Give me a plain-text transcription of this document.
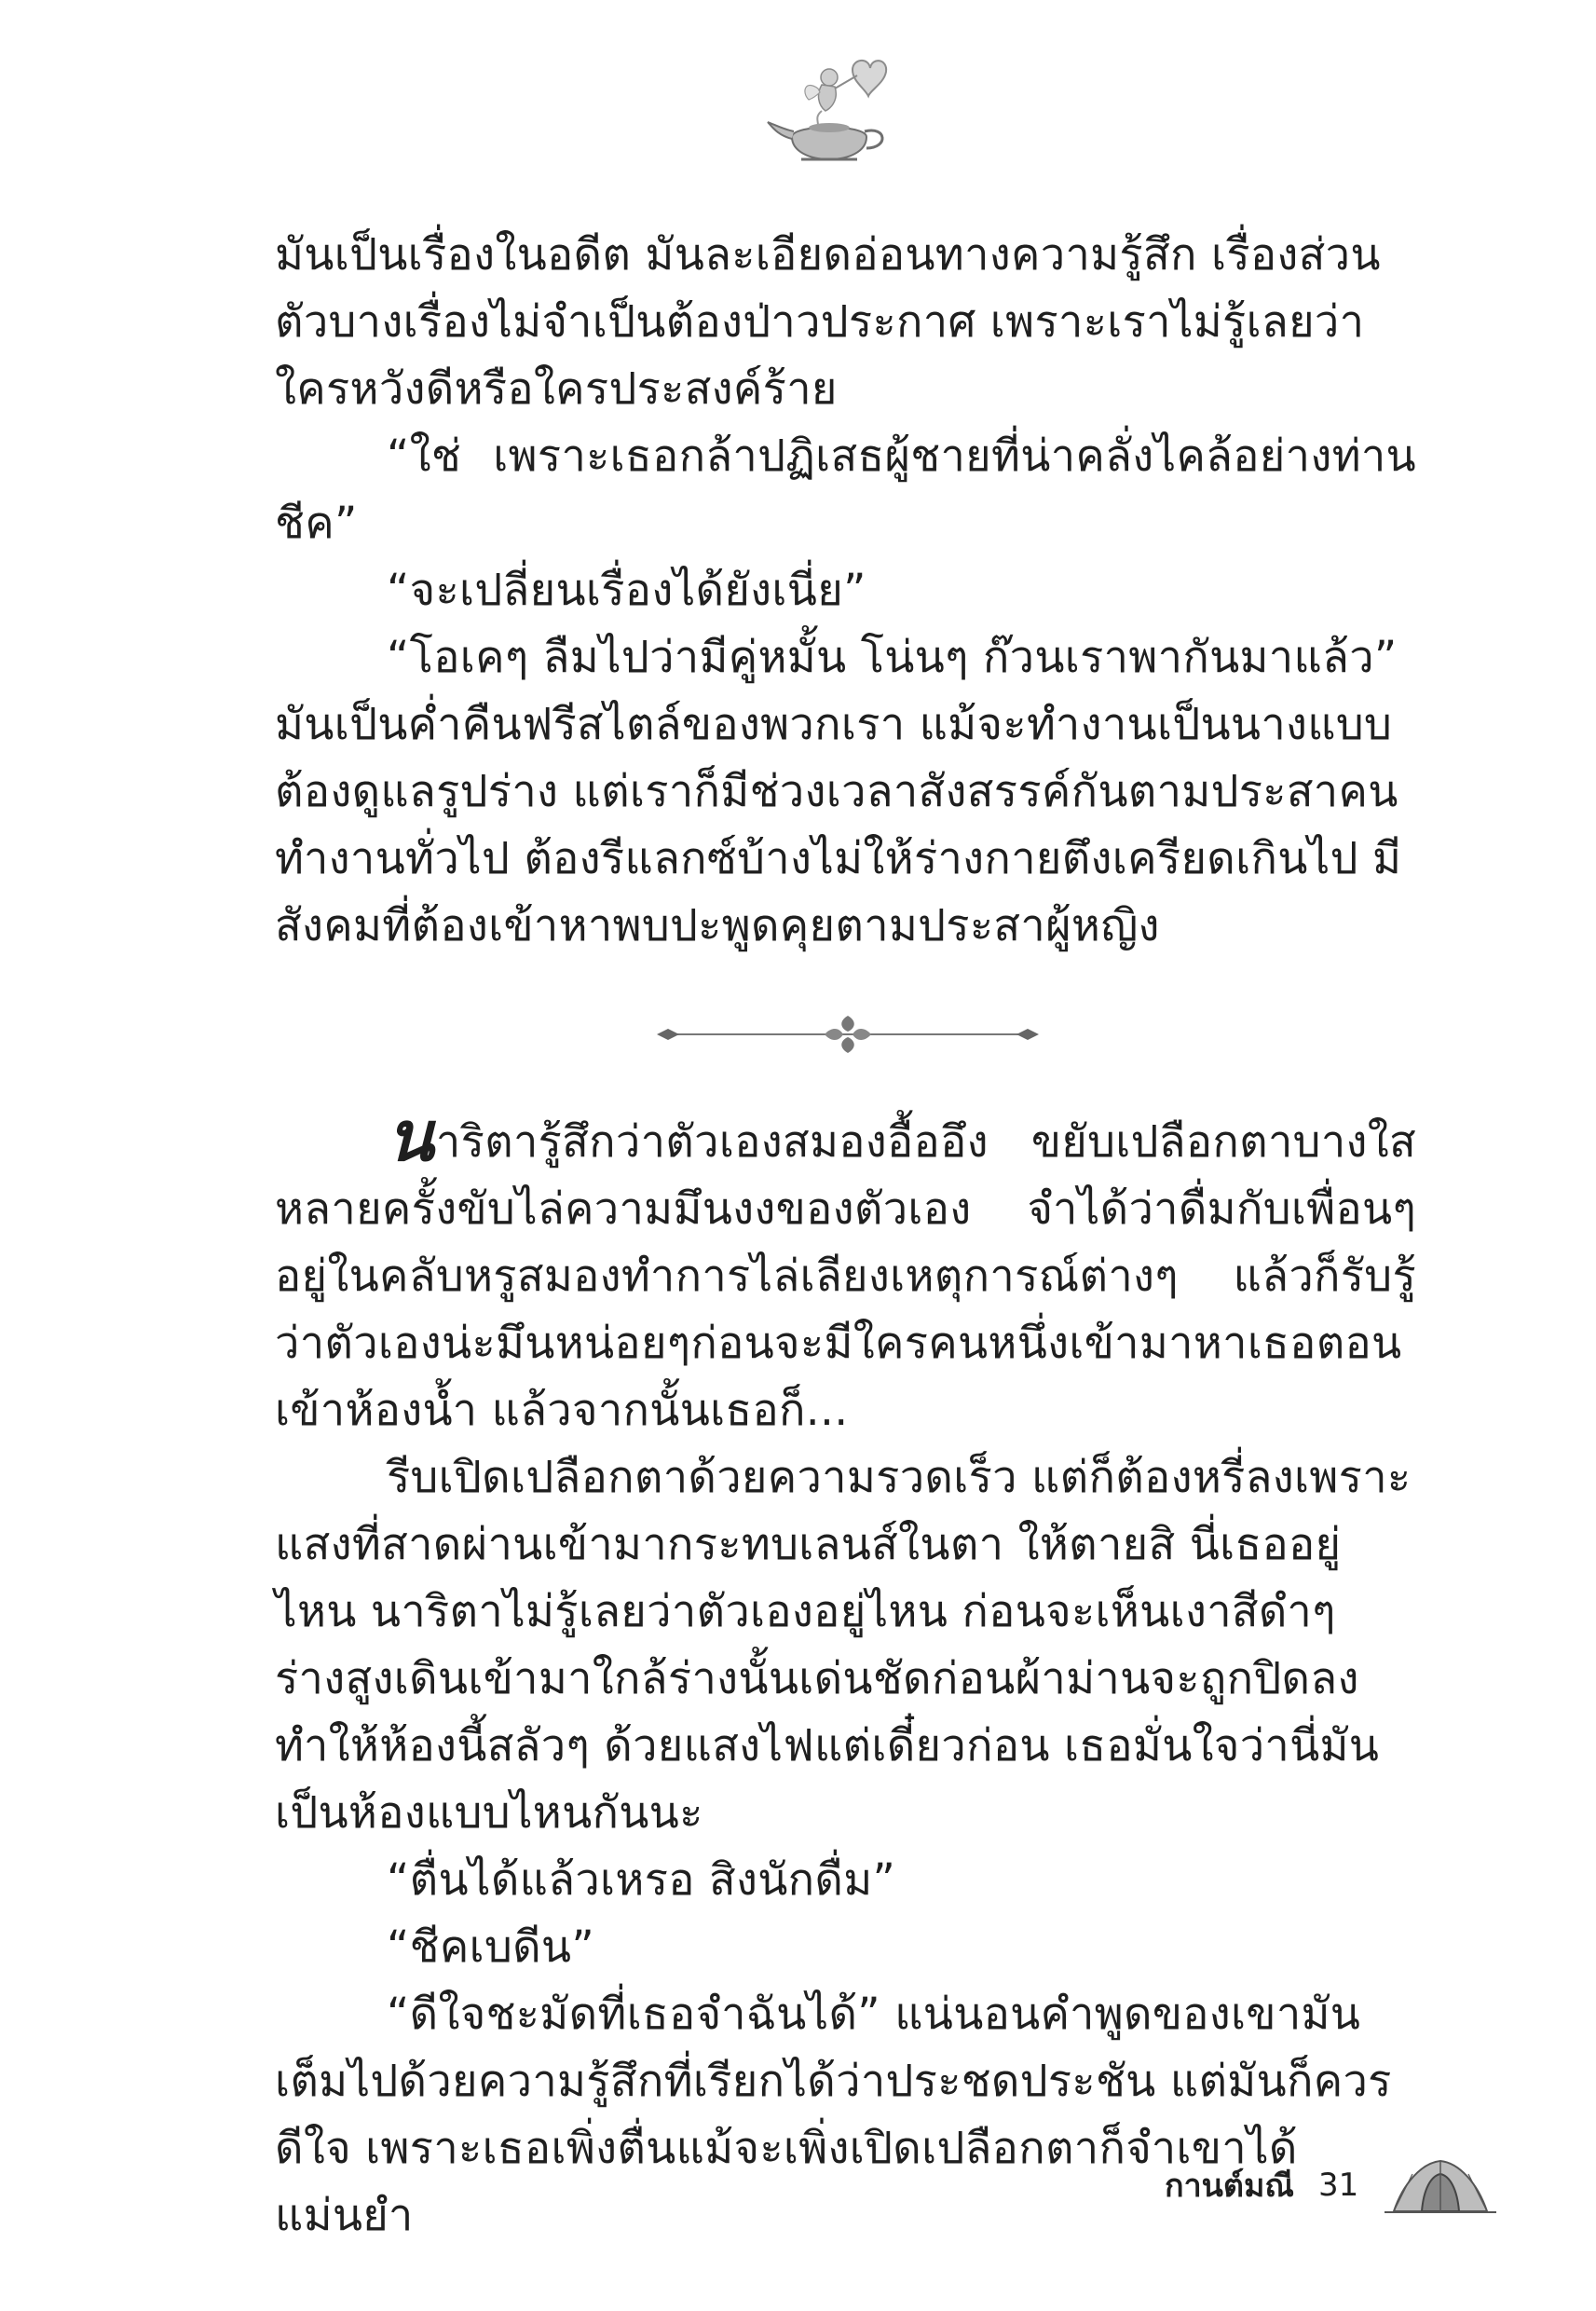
มันเป็นเรื่องในอดีต มันละเอียดอ่อนทางความรู้สึก เรื่องส่วนตัวบางเรื่องไม่จำเป็นต้องป่าวประกาศ เพราะเราไม่รู้เลยว่าใครหวังดีหรือใครประสงค์ร้าย

“ใช่ เพราะเธอกล้าปฏิเสธผู้ชายที่น่าคลั่งไคล้อย่างท่านชีค”

“จะเปลี่ยนเรื่องได้ยังเนี่ย”

“โอเคๆ ลืมไปว่ามีคู่หมั้น โน่นๆ ก๊วนเราพากันมาแล้ว” มันเป็นค่ำคืนฟรีสไตล์ของพวกเรา แม้จะทำงานเป็นนางแบบ ต้องดูแลรูปร่าง แต่เราก็มีช่วงเวลาสังสรรค์กันตามประสาคนทำงานทั่วไป ต้องรีแลกซ์บ้างไม่ให้ร่างกายตึงเครียดเกินไป มีสังคมที่ต้องเข้าหาพบปะพูดคุยตามประสาผู้หญิง

นาริตารู้สึกว่าตัวเองสมองอื้ออึง ขยับเปลือกตาบางใสหลายครั้งขับไล่ความมึนงงของตัวเอง จำได้ว่าดื่มกับเพื่อนๆ อยู่ในคลับหรูสมองทำการไล่เลียงเหตุการณ์ต่างๆ แล้วก็รับรู้ว่าตัวเองน่ะมึนหน่อยๆก่อนจะมีใครคนหนึ่งเข้ามาหาเธอตอนเข้าห้องน้ำ แล้วจากนั้นเธอก็...

รีบเปิดเปลือกตาด้วยความรวดเร็ว แต่ก็ต้องหรี่ลงเพราะแสงที่สาดผ่านเข้ามากระทบเลนส์ในตา ให้ตายสิ นี่เธออยู่ไหน นาริตาไม่รู้เลยว่าตัวเองอยู่ไหน ก่อนจะเห็นเงาสีดำๆ ร่างสูงเดินเข้ามาใกล้ร่างนั้นเด่นชัดก่อนผ้าม่านจะถูกปิดลงทำให้ห้องนี้สลัวๆ ด้วยแสงไฟแต่เดี๋ยวก่อน เธอมั่นใจว่านี่มันเป็นห้องแบบไหนกันนะ

“ตื่นได้แล้วเหรอ สิงนักดื่ม”

“ชีคเบดีน”

“ดีใจชะมัดที่เธอจำฉันได้” แน่นอนคำพูดของเขามันเต็มไปด้วยความรู้สึกที่เรียกได้ว่าประชดประชัน แต่มันก็ควรดีใจ เพราะเธอเพิ่งตื่นแม้จะเพิ่งเปิดเปลือกตาก็จำเขาได้แม่นยำ

กานต์มณี 31
